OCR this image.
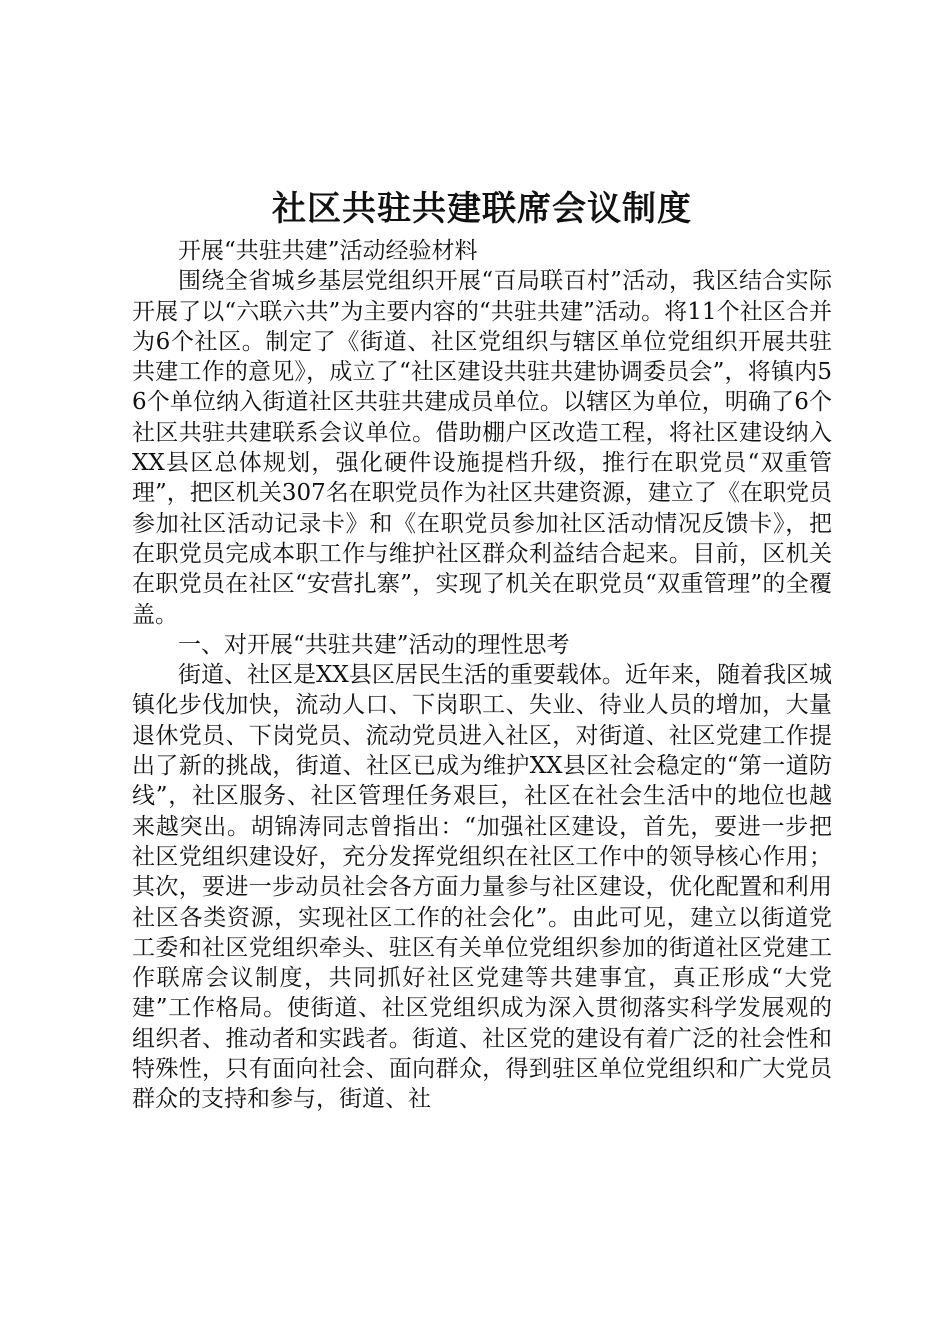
社区共驻共建联席会议制度

开展“共驻共建”活动经验材料

围绕全省城乡基层党组织开展“百局联百村”活动，我区结合实际开展了以“六联六共”为主要内容的“共驻共建”活动。将11个社区合并为6个社区。制定了《街道、社区党组织与辖区单位党组织开展共驻共建工作的意见》，成立了“社区建设共驻共建协调委员会”，将镇内56个单位纳入街道社区共驻共建成员单位。以辖区为单位，明确了6个社区共驻共建联系会议单位。借助棚户区改造工程，将社区建设纳入XX县区总体规划，强化硬件设施提档升级，推行在职党员“双重管理”，把区机关307名在职党员作为社区共建资源，建立了《在职党员参加社区活动记录卡》和《在职党员参加社区活动情况反馈卡》，把在职党员完成本职工作与维护社区群众利益结合起来。目前，区机关在职党员在社区“安营扎寨”，实现了机关在职党员“双重管理”的全覆盖。

一、对开展“共驻共建”活动的理性思考

街道、社区是XX县区居民生活的重要载体。近年来，随着我区城镇化步伐加快，流动人口、下岗职工、失业、待业人员的增加，大量退休党员、下岗党员、流动党员进入社区，对街道、社区党建工作提出了新的挑战，街道、社区已成为维护XX县区社会稳定的“第一道防线”，社区服务、社区管理任务艰巨，社区在社会生活中的地位也越来越突出。胡锦涛同志曾指出：“加强社区建设，首先，要进一步把社区党组织建设好，充分发挥党组织在社区工作中的领导核心作用；其次，要进一步动员社会各方面力量参与社区建设，优化配置和利用社区各类资源，实现社区工作的社会化”。由此可见，建立以街道党工委和社区党组织牵头、驻区有关单位党组织参加的街道社区党建工作联席会议制度，共同抓好社区党建等共建事宜，真正形成“大党建”工作格局。使街道、社区党组织成为深入贯彻落实科学发展观的组织者、推动者和实践者。街道、社区党的建设有着广泛的社会性和特殊性，只有面向社会、面向群众，得到驻区单位党组织和广大党员群众的支持和参与，街道、社
